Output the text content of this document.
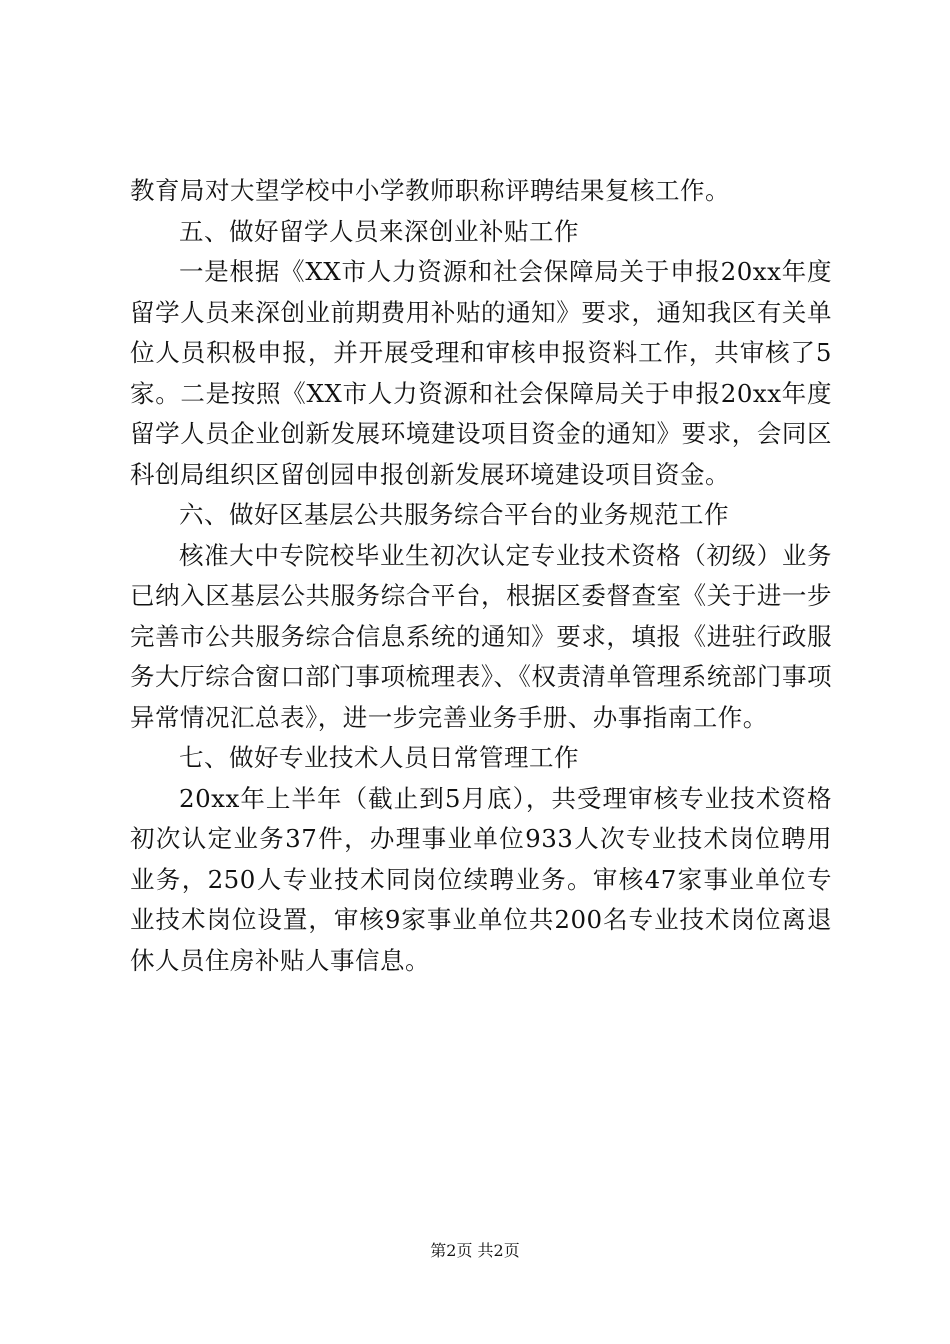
教育局对大望学校中小学教师职称评聘结果复核工作。

五、做好留学人员来深创业补贴工作

一是根据《XX市人力资源和社会保障局关于申报20xx年度留学人员来深创业前期费用补贴的通知》要求，通知我区有关单位人员积极申报，并开展受理和审核申报资料工作，共审核了5家。二是按照《XX市人力资源和社会保障局关于申报20xx年度留学人员企业创新发展环境建设项目资金的通知》要求，会同区科创局组织区留创园申报创新发展环境建设项目资金。

六、做好区基层公共服务综合平台的业务规范工作

核准大中专院校毕业生初次认定专业技术资格（初级）业务已纳入区基层公共服务综合平台，根据区委督查室《关于进一步完善市公共服务综合信息系统的通知》要求，填报《进驻行政服务大厅综合窗口部门事项梳理表》、《权责清单管理系统部门事项异常情况汇总表》，进一步完善业务手册、办事指南工作。

七、做好专业技术人员日常管理工作

20xx年上半年（截止到5月底），共受理审核专业技术资格初次认定业务37件，办理事业单位933人次专业技术岗位聘用业务，250人专业技术同岗位续聘业务。审核47家事业单位专业技术岗位设置，审核9家事业单位共200名专业技术岗位离退休人员住房补贴人事信息。

第2页 共2页
